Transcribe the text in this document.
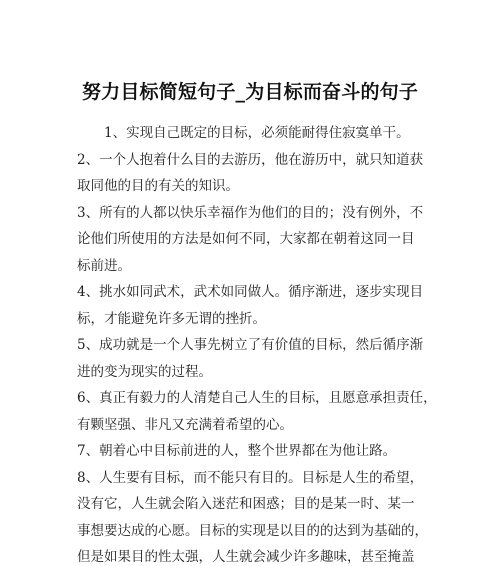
努力目标简短句子_为目标而奋斗的句子
1、实现自己既定的目标，必须能耐得住寂寞单干。
2、一个人抱着什么目的去游历，他在游历中，就只知道获
取同他的目的有关的知识。
3、所有的人都以快乐幸福作为他们的目的；没有例外，不
论他们所使用的方法是如何不同，大家都在朝着这同一目
标前进。
4、挑水如同武术，武术如同做人。循序渐进，逐步实现目
标，才能避免许多无谓的挫折。
5、成功就是一个人事先树立了有价值的目标，然后循序渐
进的变为现实的过程。
6、真正有毅力的人清楚自己人生的目标，且愿意承担责任，
有颗坚强、非凡又充满着希望的心。
7、朝着心中目标前进的人，整个世界都在为他让路。
8、人生要有目标，而不能只有目的。目标是人生的希望，
没有它，人生就会陷入迷茫和困惑；目的是某一时、某一
事想要达成的心愿。目标的实现是以目的的达到为基础的，
但是如果目的性太强，人生就会减少许多趣味，甚至掩盖
